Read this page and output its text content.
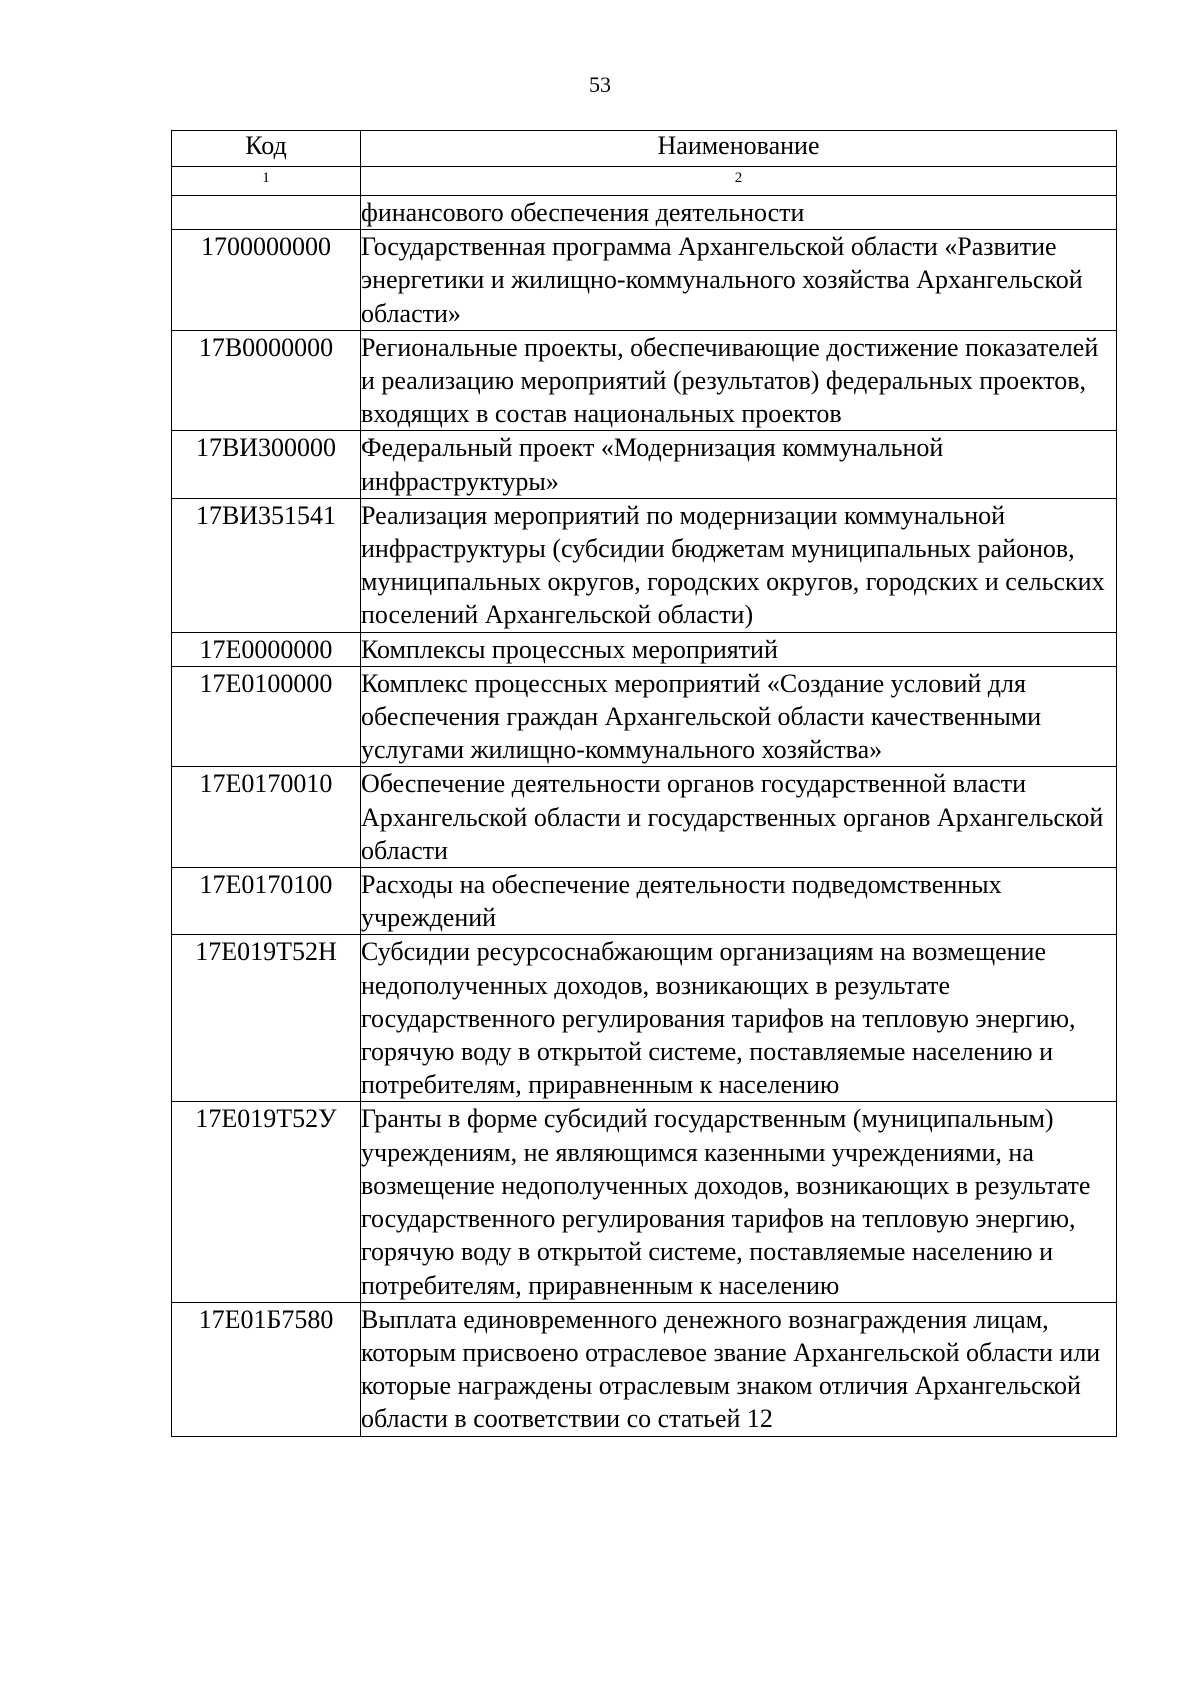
53
Код	Наименование
1	2
	финансового обеспечения деятельности
1700000000	Государственная программа Архангельской области «Развитие энергетики и жилищно-коммунального хозяйства Архангельской области»
17В0000000	Региональные проекты, обеспечивающие достижение показателей и реализацию мероприятий (результатов) федеральных проектов, входящих в состав национальных проектов
17ВИ300000	Федеральный проект «Модернизация коммунальной инфраструктуры»
17ВИ351541	Реализация мероприятий по модернизации коммунальной инфраструктуры (субсидии бюджетам муниципальных районов, муниципальных округов, городских округов, городских и сельских поселений Архангельской области)
17Е0000000	Комплексы процессных мероприятий
17Е0100000	Комплекс процессных мероприятий «Создание условий для обеспечения граждан Архангельской области качественными услугами жилищно-коммунального хозяйства»
17Е0170010	Обеспечение деятельности органов государственной власти Архангельской области и государственных органов Архангельской области
17Е0170100	Расходы на обеспечение деятельности подведомственных учреждений
17Е019Т52Н	Субсидии ресурсоснабжающим организациям на возмещение недополученных доходов, возникающих в результате государственного регулирования тарифов на тепловую энергию, горячую воду в открытой системе, поставляемые населению и потребителям, приравненным к населению
17Е019Т52У	Гранты в форме субсидий государственным (муниципальным) учреждениям, не являющимся казенными учреждениями, на возмещение недополученных доходов, возникающих в результате государственного регулирования тарифов на тепловую энергию, горячую воду в открытой системе, поставляемые населению и потребителям, приравненным к населению
17Е01Б7580	Выплата единовременного денежного вознаграждения лицам, которым присвоено отраслевое звание Архангельской области или которые награждены отраслевым знаком отличия Архангельской области в соответствии со статьей 12
